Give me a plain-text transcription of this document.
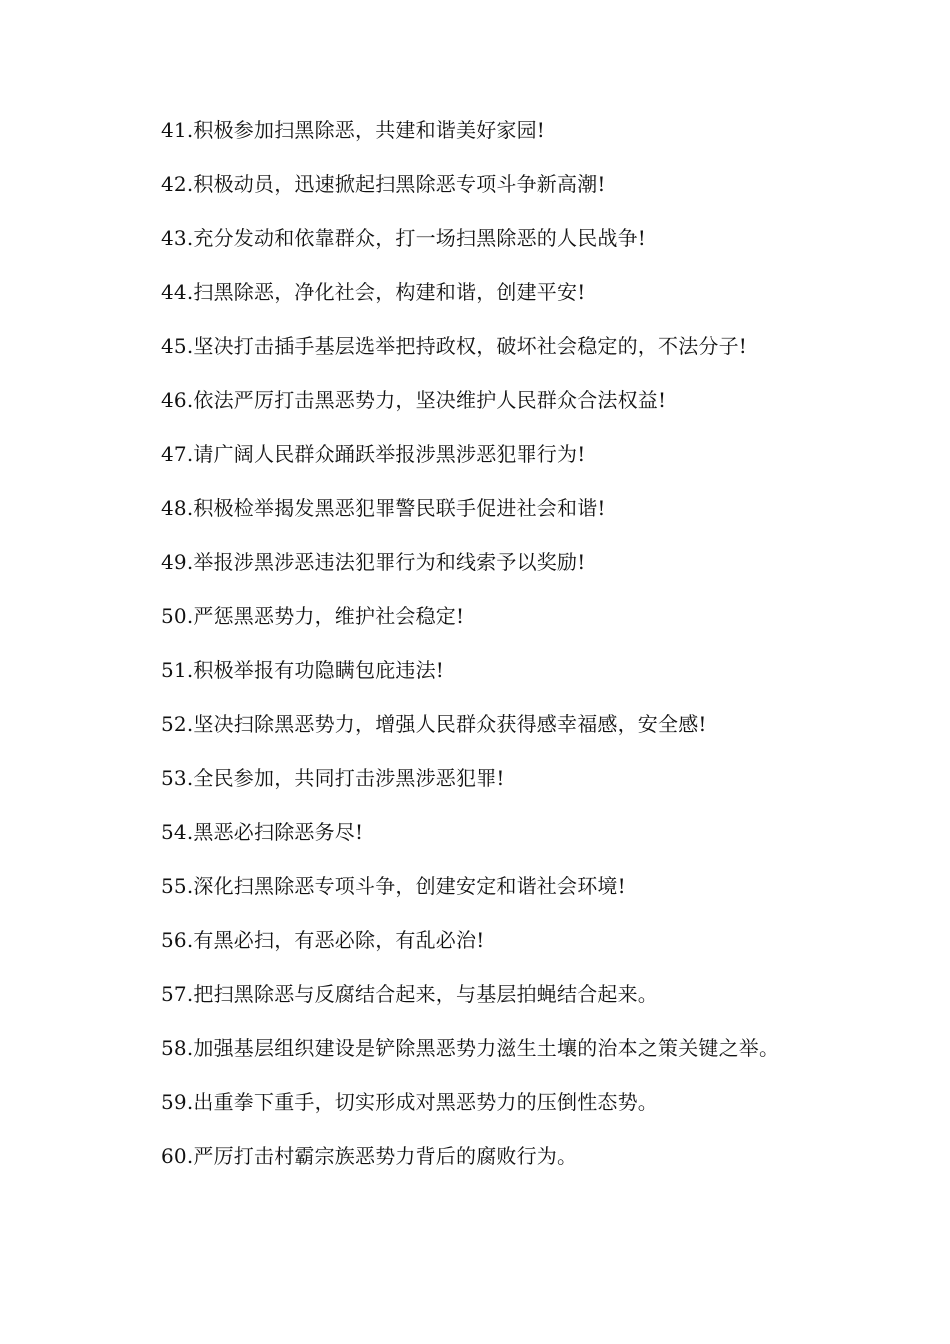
41.积极参加扫黑除恶，共建和谐美好家园!

42.积极动员，迅速掀起扫黑除恶专项斗争新高潮!

43.充分发动和依靠群众，打一场扫黑除恶的人民战争!

44.扫黑除恶，净化社会，构建和谐，创建平安!

45.坚决打击插手基层选举把持政权，破坏社会稳定的，不法分子!

46.依法严厉打击黑恶势力，坚决维护人民群众合法权益!

47.请广阔人民群众踊跃举报涉黑涉恶犯罪行为!

48.积极检举揭发黑恶犯罪警民联手促进社会和谐!

49.举报涉黑涉恶违法犯罪行为和线索予以奖励!

50.严惩黑恶势力，维护社会稳定!

51.积极举报有功隐瞒包庇违法!

52.坚决扫除黑恶势力，增强人民群众获得感幸福感，安全感!

53.全民参加，共同打击涉黑涉恶犯罪!

54.黑恶必扫除恶务尽!

55.深化扫黑除恶专项斗争，创建安定和谐社会环境!

56.有黑必扫，有恶必除，有乱必治!

57.把扫黑除恶与反腐结合起来，与基层拍蝇结合起来。

58.加强基层组织建设是铲除黑恶势力滋生土壤的治本之策关键之举。

59.出重拳下重手，切实形成对黑恶势力的压倒性态势。

60.严厉打击村霸宗族恶势力背后的腐败行为。
